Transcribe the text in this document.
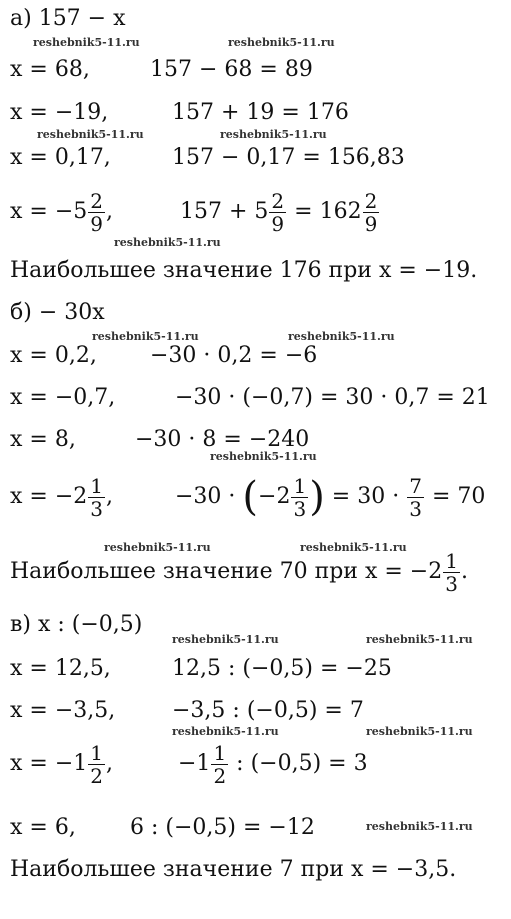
а) 157 − x
x = 68,	157 − 68 = 89
x = −19,	157 + 19 = 176
x = 0,17,	157 − 0,17 = 156,83
$x = -5 \frac{2}{9}$ ,	$157 + 5 \frac{2}{9} = 162 \frac{2}{9}$
Наибольшее значение 176 при x = −19.
б) − 30x
x = 0,2, −30 · 0,2 = −6
x = −0,7,	−30 · (−0,7) = 30 · 0,7 = 21
x = 8,	−30 · 8 = −240
$x = -2 \frac{1}{3}$ ,	$-30 \cdot (-2 \frac{1}{3}$ ) = $30 \cdot \frac{7}{3} = 70$
Наибольшее значение 70 при $x = -2 \frac{1}{3}$ .
в) x : (−0,5)
x = 12,5,	12,5 : (−0,5) = −25
x = −3,5,	−3,5 : (−0,5) = 7
$x = -1 \frac{1}{2}$ ,	$-1 \frac{1}{2}$ : (−0,5) = 3
x = 6, 6 : (−0,5) = −12
Наибольшее значение 7 при x = −3,5.
reshebnik5-11.ru	reshebnik5-11.ru
reshebnik5-11.ru	reshebnik5-11.ru
reshebnik5-11.ru
reshebnik5-11.ru	reshebnik5-11.ru
reshebnik5-11.ru
reshebnik5-11.ru	reshebnik5-11.ru
reshebnik5-11.ru	reshebnik5-11.ru
reshebnik5-11.ru	reshebnik5-11.ru
reshebnik5-11.ru
